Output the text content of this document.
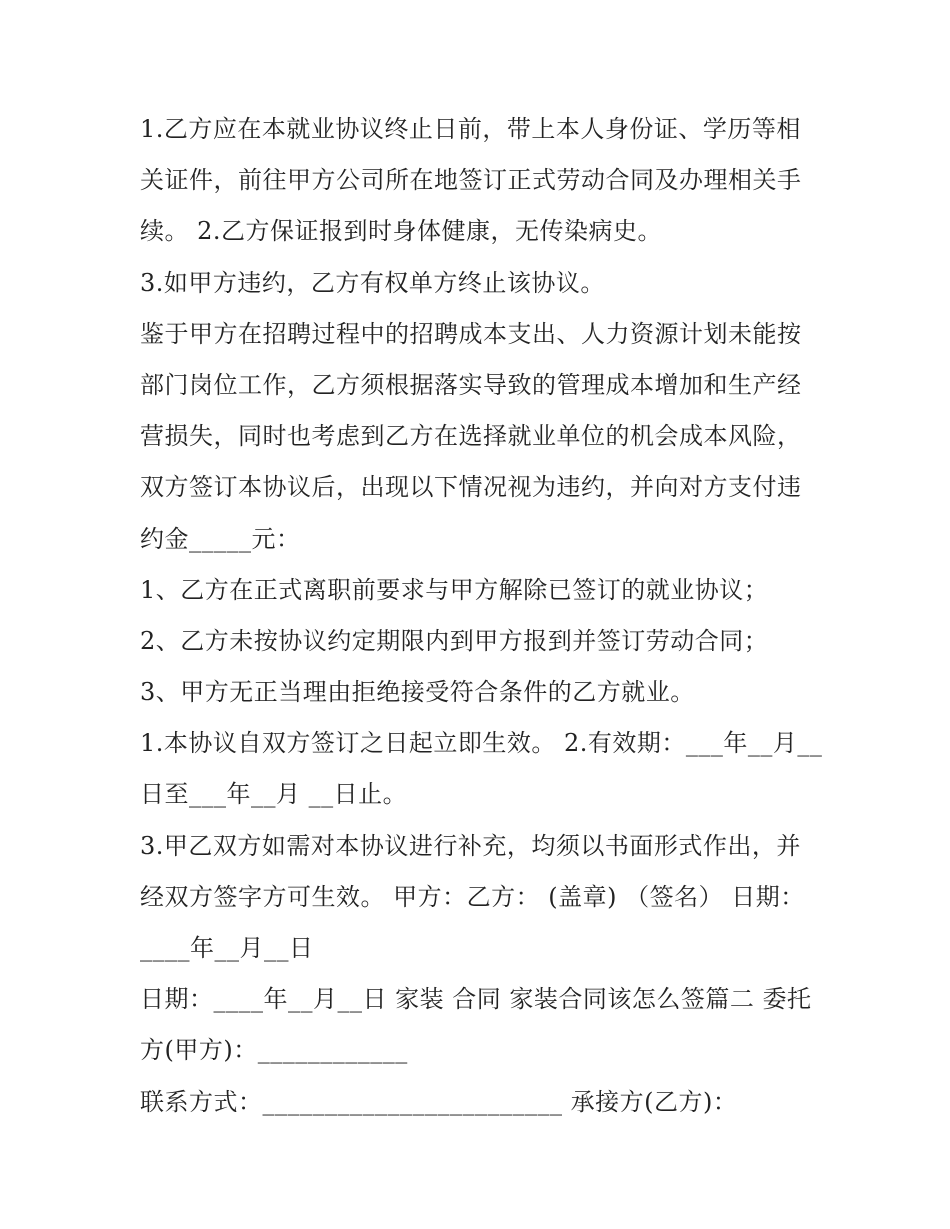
1.乙方应在本就业协议终止日前，带上本人身份证、学历等相
关证件，前往甲方公司所在地签订正式劳动合同及办理相关手
续。 2.乙方保证报到时身体健康，无传染病史。
3.如甲方违约，乙方有权单方终止该协议。
鉴于甲方在招聘过程中的招聘成本支出、人力资源计划未能按
部门岗位工作，乙方须根据落实导致的管理成本增加和生产经
营损失，同时也考虑到乙方在选择就业单位的机会成本风险，
双方签订本协议后，出现以下情况视为违约，并向对方支付违
约金_____元：
1、乙方在正式离职前要求与甲方解除已签订的就业协议；
2、乙方未按协议约定期限内到甲方报到并签订劳动合同；
3、甲方无正当理由拒绝接受符合条件的乙方就业。
1.本协议自双方签订之日起立即生效。 2.有效期：___年__月__
日至___年__月 __日止。
3.甲乙双方如需对本协议进行补充，均须以书面形式作出，并
经双方签字方可生效。 甲方：乙方： (盖章) （签名） 日期：
____年__月__日
日期：____年__月__日 家装 合同 家装合同该怎么签篇二 委托
方(甲方)：____________
联系方式：________________________ 承接方(乙方)：
